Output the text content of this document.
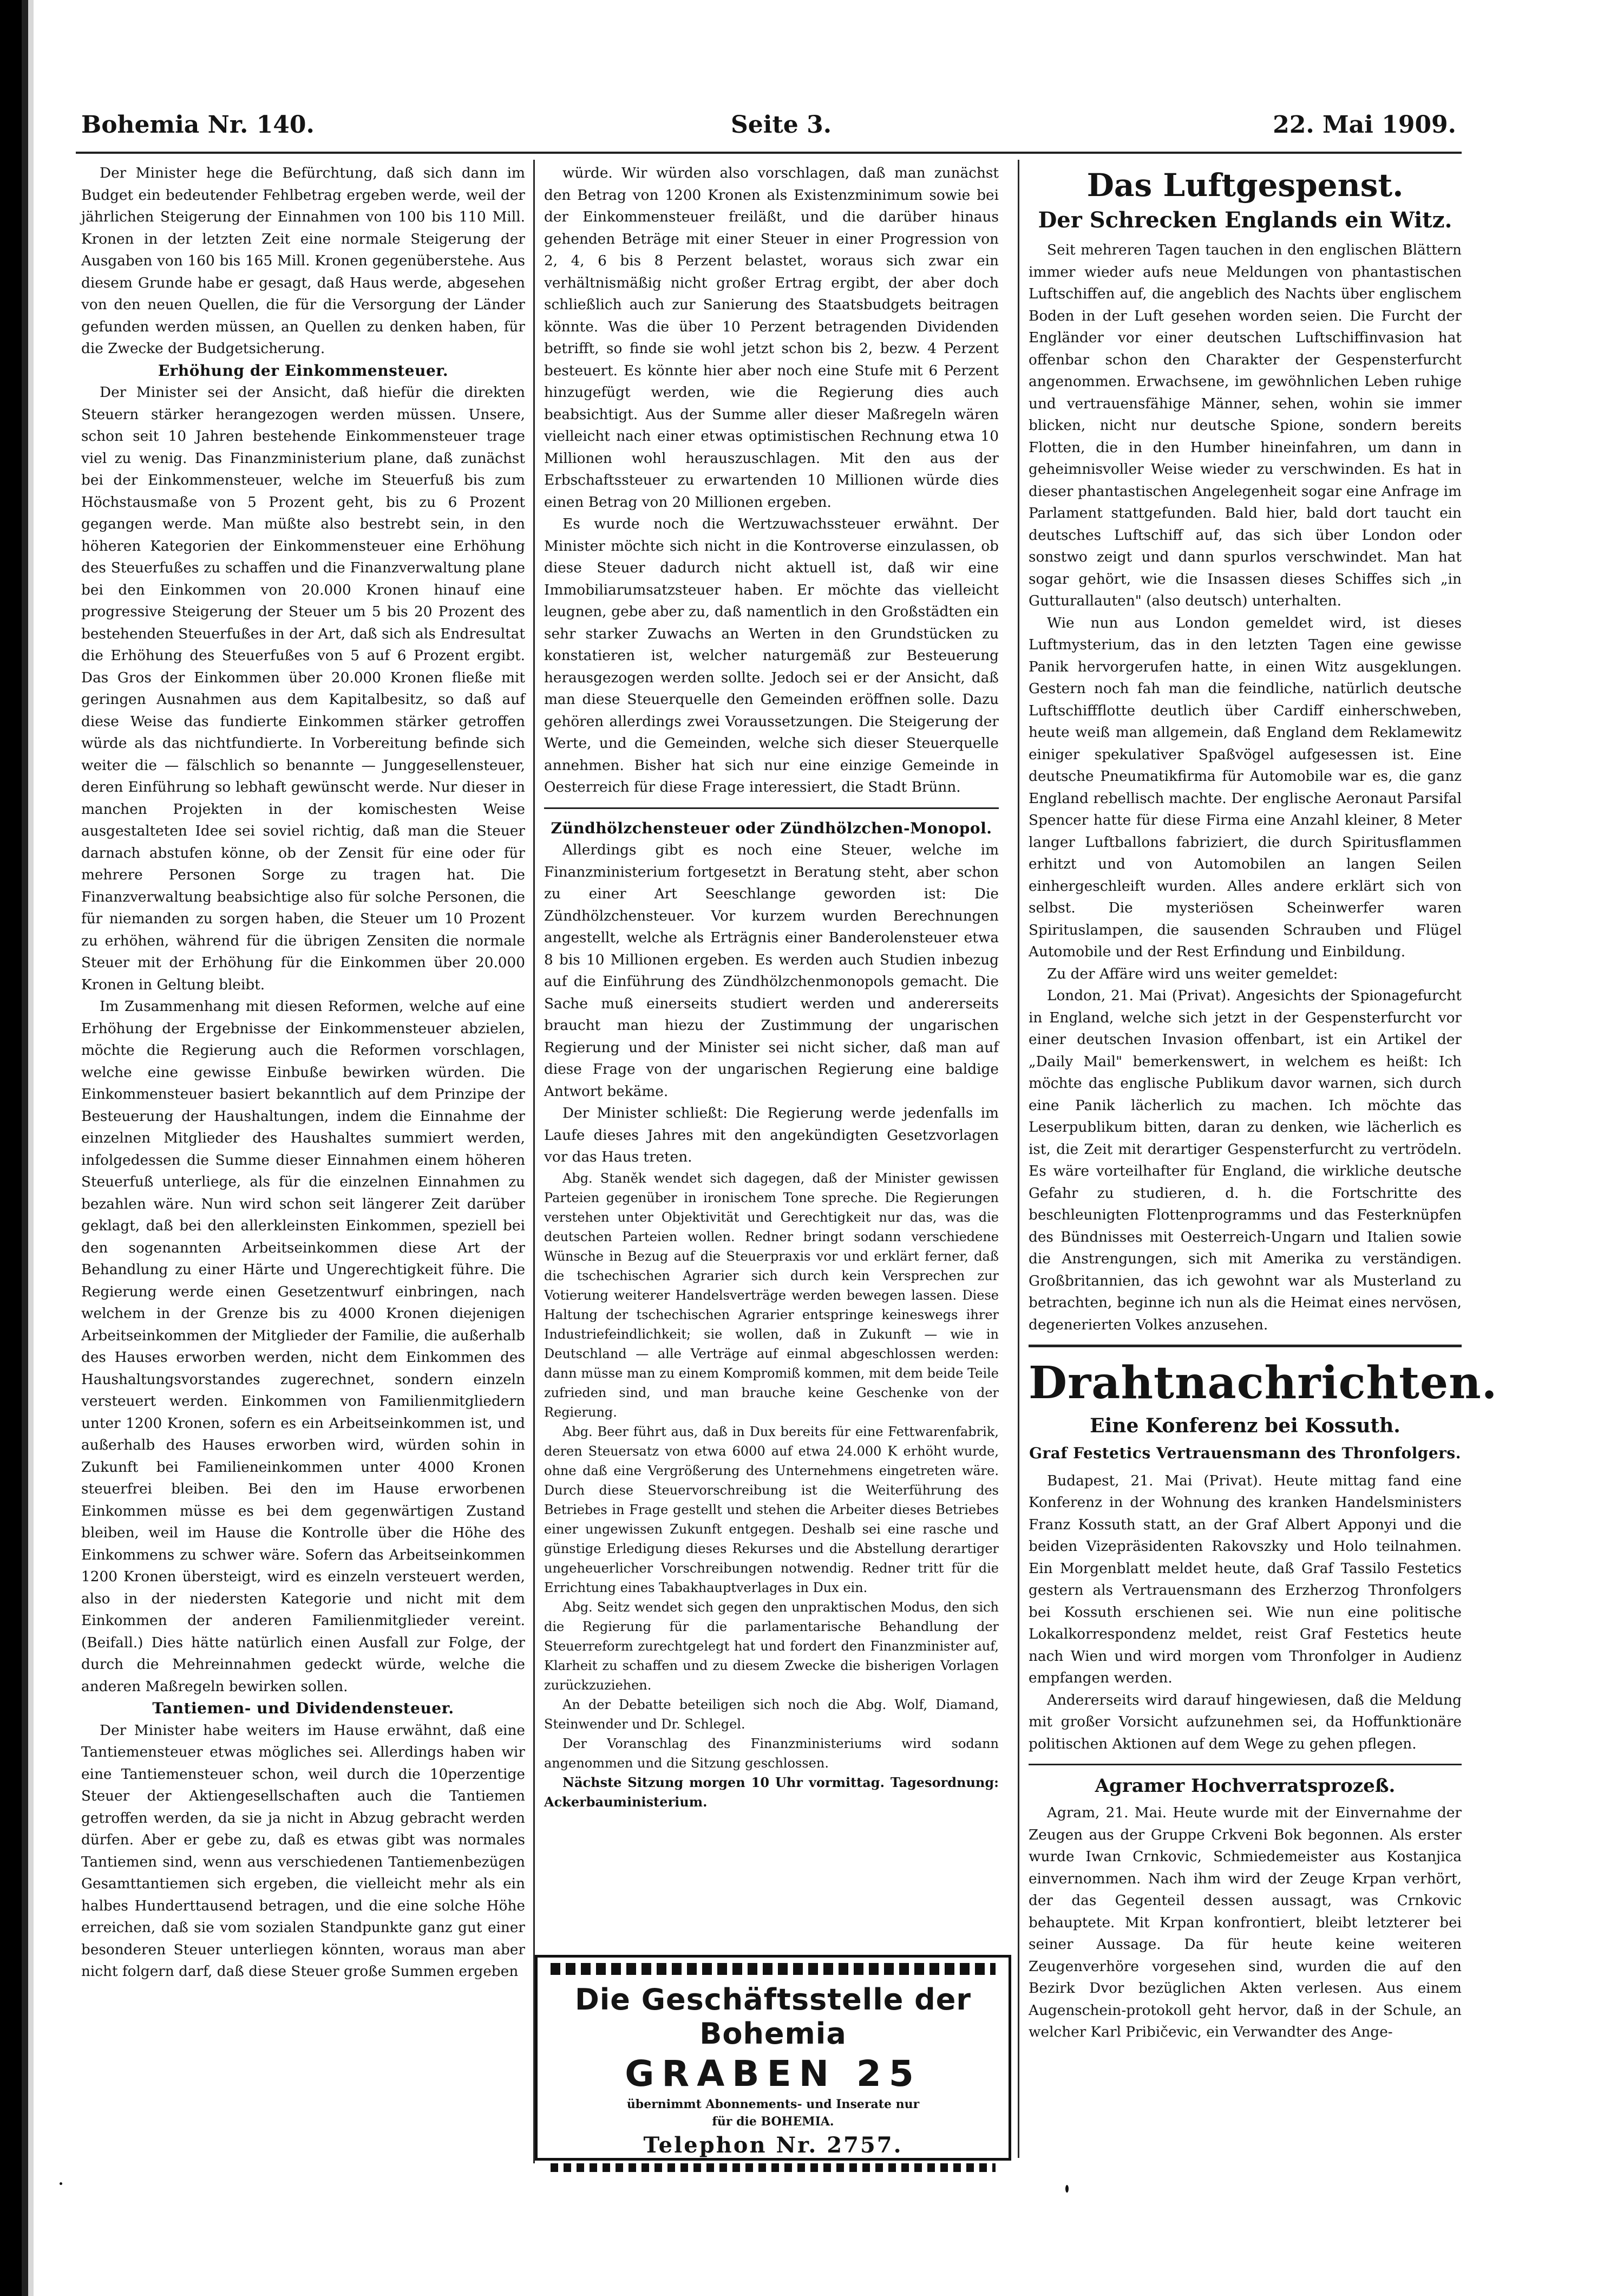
Bohemia Nr. 140.	Seite 3.	22. Mai 1909.

Der Minister hege die Befürchtung, daß sich dann im Budget ein bedeutender Fehlbetrag ergeben werde, weil der jährlichen Steigerung der Einnahmen von 100 bis 110 Mill. Kronen in der letzten Zeit eine normale Steigerung der Ausgaben von 160 bis 165 Mill. Kronen gegenüberstehe. Aus diesem Grunde habe er gesagt, daß Haus werde, abgesehen von den neuen Quellen, die für die Versorgung der Länder gefunden werden müssen, an Quellen zu denken haben, für die Zwecke der Budgetsicherung.

Erhöhung der Einkommensteuer.

Der Minister sei der Ansicht, daß hiefür die direkten Steuern stärker herangezogen werden müssen. Unsere, schon seit 10 Jahren bestehende Einkommensteuer trage viel zu wenig. Das Finanzministerium plane, daß zunächst bei der Einkommensteuer, welche im Steuerfuß bis zum Höchstausmaße von 5 Prozent geht, bis zu 6 Prozent gegangen werde. Man müßte also bestrebt sein, in den höheren Kategorien der Einkommensteuer eine Erhöhung des Steuerfußes zu schaffen und die Finanzverwaltung plane bei den Einkommen von 20.000 Kronen hinauf eine progressive Steigerung der Steuer um 5 bis 20 Prozent des bestehenden Steuerfußes in der Art, daß sich als Endresultat die Erhöhung des Steuerfußes von 5 auf 6 Prozent ergibt. Das Gros der Einkommen über 20.000 Kronen fließe mit geringen Ausnahmen aus dem Kapitalbesitz, so daß auf diese Weise das fundierte Einkommen stärker getroffen würde als das nichtfundierte. In Vorbereitung befinde sich weiter die — fälschlich so benannte — Junggesellensteuer, deren Einführung so lebhaft gewünscht werde. Nur dieser in manchen Projekten in der komischesten Weise ausgestalteten Idee sei soviel richtig, daß man die Steuer darnach abstufen könne, ob der Zensit für eine oder für mehrere Personen Sorge zu tragen hat. Die Finanzverwaltung beabsichtige also für solche Personen, die für niemanden zu sorgen haben, die Steuer um 10 Prozent zu erhöhen, während für die übrigen Zensiten die normale Steuer mit der Erhöhung für die Einkommen über 20.000 Kronen in Geltung bleibt.

Im Zusammenhang mit diesen Reformen, welche auf eine Erhöhung der Ergebnisse der Einkommensteuer abzielen, möchte die Regierung auch die Reformen vorschlagen, welche eine gewisse Einbuße bewirken würden. Die Einkommensteuer basiert bekanntlich auf dem Prinzipe der Besteuerung der Haushaltungen, indem die Einnahme der einzelnen Mitglieder des Haushaltes summiert werden, infolgedessen die Summe dieser Einnahmen einem höheren Steuerfuß unterliege, als für die einzelnen Einnahmen zu bezahlen wäre. Nun wird schon seit längerer Zeit darüber geklagt, daß bei den allerkleinsten Einkommen, speziell bei den sogenannten Arbeitseinkommen diese Art der Behandlung zu einer Härte und Ungerechtigkeit führe. Die Regierung werde einen Gesetzentwurf einbringen, nach welchem in der Grenze bis zu 4000 Kronen diejenigen Arbeitseinkommen der Mitglieder der Familie, die außerhalb des Hauses erworben werden, nicht dem Einkommen des Haushaltungsvorstandes zugerechnet, sondern einzeln versteuert werden. Einkommen von Familienmitgliedern unter 1200 Kronen, sofern es ein Arbeitseinkommen ist, und außerhalb des Hauses erworben wird, würden sohin in Zukunft bei Familieneinkommen unter 4000 Kronen steuerfrei bleiben. Bei den im Hause erworbenen Einkommen müsse es bei dem gegenwärtigen Zustand bleiben, weil im Hause die Kontrolle über die Höhe des Einkommens zu schwer wäre. Sofern das Arbeitseinkommen 1200 Kronen übersteigt, wird es einzeln versteuert werden, also in der niedersten Kategorie und nicht mit dem Einkommen der anderen Familienmitglieder vereint. (Beifall.) Dies hätte natürlich einen Ausfall zur Folge, der durch die Mehreinnahmen gedeckt würde, welche die anderen Maßregeln bewirken sollen.

Tantiemen- und Dividendensteuer.

Der Minister habe weiters im Hause erwähnt, daß eine Tantiemensteuer etwas mögliches sei. Allerdings haben wir eine Tantiemensteuer schon, weil durch die 10perzentige Steuer der Aktiengesellschaften auch die Tantiemen getroffen werden, da sie ja nicht in Abzug gebracht werden dürfen. Aber er gebe zu, daß es etwas gibt was normales Tantiemen sind, wenn aus verschiedenen Tantiemenbezügen Gesamttantiemen sich ergeben, die vielleicht mehr als ein halbes Hunderttausend betragen, und die eine solche Höhe erreichen, daß sie vom sozialen Standpunkte ganz gut einer besonderen Steuer unterliegen könnten, woraus man aber nicht folgern darf, daß diese Steuer große Summen ergeben

würde. Wir würden also vorschlagen, daß man zunächst den Betrag von 1200 Kronen als Existenzminimum sowie bei der Einkommensteuer freiläßt, und die darüber hinaus gehenden Beträge mit einer Steuer in einer Progression von 2, 4, 6 bis 8 Perzent belastet, woraus sich zwar ein verhältnismäßig nicht großer Ertrag ergibt, der aber doch schließlich auch zur Sanierung des Staatsbudgets beitragen könnte. Was die über 10 Perzent betragenden Dividenden betrifft, so finde sie wohl jetzt schon bis 2, bezw. 4 Perzent besteuert. Es könnte hier aber noch eine Stufe mit 6 Perzent hinzugefügt werden, wie die Regierung dies auch beabsichtigt. Aus der Summe aller dieser Maßregeln wären vielleicht nach einer etwas optimistischen Rechnung etwa 10 Millionen wohl herauszuschlagen. Mit den aus der Erbschaftssteuer zu erwartenden 10 Millionen würde dies einen Betrag von 20 Millionen ergeben.

Es wurde noch die Wertzuwachssteuer erwähnt. Der Minister möchte sich nicht in die Kontroverse einzulassen, ob diese Steuer dadurch nicht aktuell ist, daß wir eine Immobiliarumsatzsteuer haben. Er möchte das vielleicht leugnen, gebe aber zu, daß namentlich in den Großstädten ein sehr starker Zuwachs an Werten in den Grundstücken zu konstatieren ist, welcher naturgemäß zur Besteuerung herausgezogen werden sollte. Jedoch sei er der Ansicht, daß man diese Steuerquelle den Gemeinden eröffnen solle. Dazu gehören allerdings zwei Voraussetzungen. Die Steigerung der Werte, und die Gemeinden, welche sich dieser Steuerquelle annehmen. Bisher hat sich nur eine einzige Gemeinde in Oesterreich für diese Frage interessiert, die Stadt Brünn.

Zündhölzchensteuer oder Zündhölzchen-Monopol.

Allerdings gibt es noch eine Steuer, welche im Finanzministerium fortgesetzt in Beratung steht, aber schon zu einer Art Seeschlange geworden ist: Die Zündhölzchensteuer. Vor kurzem wurden Berechnungen angestellt, welche als Erträgnis einer Banderolensteuer etwa 8 bis 10 Millionen ergeben. Es werden auch Studien inbezug auf die Einführung des Zündhölzchenmonopols gemacht. Die Sache muß einerseits studiert werden und andererseits braucht man hiezu der Zustimmung der ungarischen Regierung und der Minister sei nicht sicher, daß man auf diese Frage von der ungarischen Regierung eine baldige Antwort bekäme.

Der Minister schließt: Die Regierung werde jedenfalls im Laufe dieses Jahres mit den angekündigten Gesetzvorlagen vor das Haus treten.

Abg. Staněk wendet sich dagegen, daß der Minister gewissen Parteien gegenüber in ironischem Tone spreche. Die Regierungen verstehen unter Objektivität und Gerechtigkeit nur das, was die deutschen Parteien wollen. Redner bringt sodann verschiedene Wünsche in Bezug auf die Steuerpraxis vor und erklärt ferner, daß die tschechischen Agrarier sich durch kein Versprechen zur Votierung weiterer Handelsverträge werden bewegen lassen. Diese Haltung der tschechischen Agrarier entspringe keineswegs ihrer Industriefeindlichkeit; sie wollen, daß in Zukunft — wie in Deutschland — alle Verträge auf einmal abgeschlossen werden: dann müsse man zu einem Kompromiß kommen, mit dem beide Teile zufrieden sind, und man brauche keine Geschenke von der Regierung.

Abg. Beer führt aus, daß in Dux bereits für eine Fettwarenfabrik, deren Steuersatz von etwa 6000 auf etwa 24.000 K erhöht wurde, ohne daß eine Vergrößerung des Unternehmens eingetreten wäre. Durch diese Steuervorschreibung ist die Weiterführung des Betriebes in Frage gestellt und stehen die Arbeiter dieses Betriebes einer ungewissen Zukunft entgegen. Deshalb sei eine rasche und günstige Erledigung dieses Rekurses und die Abstellung derartiger ungeheuerlicher Vorschreibungen notwendig. Redner tritt für die Errichtung eines Tabakhauptverlages in Dux ein.

Abg. Seitz wendet sich gegen den unpraktischen Modus, den sich die Regierung für die parlamentarische Behandlung der Steuerreform zurechtgelegt hat und fordert den Finanzminister auf, Klarheit zu schaffen und zu diesem Zwecke die bisherigen Vorlagen zurückzuziehen.

An der Debatte beteiligen sich noch die Abg. Wolf, Diamand, Steinwender und Dr. Schlegel.

Der Voranschlag des Finanzministeriums wird sodann angenommen und die Sitzung geschlossen.

Nächste Sitzung morgen 10 Uhr vormittag. Tagesordnung: Ackerbauministerium.

Die Geschäftsstelle der Bohemia
GRABEN 25
übernimmt Abonnements- und Inserate nur
für die BOHEMIA.
Telephon Nr. 2757.
Das Luftgespenst.
Der Schrecken Englands ein Witz.

Seit mehreren Tagen tauchen in den englischen Blättern immer wieder aufs neue Meldungen von phantastischen Luftschiffen auf, die angeblich des Nachts über englischem Boden in der Luft gesehen worden seien. Die Furcht der Engländer vor einer deutschen Luftschiffinvasion hat offenbar schon den Charakter der Gespensterfurcht angenommen. Erwachsene, im gewöhnlichen Leben ruhige und vertrauensfähige Männer, sehen, wohin sie immer blicken, nicht nur deutsche Spione, sondern bereits Flotten, die in den Humber hineinfahren, um dann in geheimnisvoller Weise wieder zu verschwinden. Es hat in dieser phantastischen Angelegenheit sogar eine Anfrage im Parlament stattgefunden. Bald hier, bald dort taucht ein deutsches Luftschiff auf, das sich über London oder sonstwo zeigt und dann spurlos verschwindet. Man hat sogar gehört, wie die Insassen dieses Schiffes sich „in Gutturallauten" (also deutsch) unterhalten.

Wie nun aus London gemeldet wird, ist dieses Luftmysterium, das in den letzten Tagen eine gewisse Panik hervorgerufen hatte, in einen Witz ausgeklungen. Gestern noch fah man die feindliche, natürlich deutsche Luftschiffflotte deutlich über Cardiff einherschweben, heute weiß man allgemein, daß England dem Reklamewitz einiger spekulativer Spaßvögel aufgesessen ist. Eine deutsche Pneumatikfirma für Automobile war es, die ganz England rebellisch machte. Der englische Aeronaut Parsifal Spencer hatte für diese Firma eine Anzahl kleiner, 8 Meter langer Luftballons fabriziert, die durch Spiritusflammen erhitzt und von Automobilen an langen Seilen einhergeschleift wurden. Alles andere erklärt sich von selbst. Die mysteriösen Scheinwerfer waren Spirituslampen, die sausenden Schrauben und Flügel Automobile und der Rest Erfindung und Einbildung.

Zu der Affäre wird uns weiter gemeldet:

London, 21. Mai (Privat). Angesichts der Spionagefurcht in England, welche sich jetzt in der Gespensterfurcht vor einer deutschen Invasion offenbart, ist ein Artikel der „Daily Mail" bemerkenswert, in welchem es heißt: Ich möchte das englische Publikum davor warnen, sich durch eine Panik lächerlich zu machen. Ich möchte das Leserpublikum bitten, daran zu denken, wie lächerlich es ist, die Zeit mit derartiger Gespensterfurcht zu vertrödeln. Es wäre vorteilhafter für England, die wirkliche deutsche Gefahr zu studieren, d. h. die Fortschritte des beschleunigten Flottenprogramms und das Festerknüpfen des Bündnisses mit Oesterreich-Ungarn und Italien sowie die Anstrengungen, sich mit Amerika zu verständigen. Großbritannien, das ich gewohnt war als Musterland zu betrachten, beginne ich nun als die Heimat eines nervösen, degenerierten Volkes anzusehen.

Drahtnachrichten.
Eine Konferenz bei Kossuth.
Graf Festetics Vertrauensmann des Thronfolgers.

Budapest, 21. Mai (Privat). Heute mittag fand eine Konferenz in der Wohnung des kranken Handelsministers Franz Kossuth statt, an der Graf Albert Apponyi und die beiden Vizepräsidenten Rakovszky und Holo teilnahmen. Ein Morgenblatt meldet heute, daß Graf Tassilo Festetics gestern als Vertrauensmann des Erzherzog Thronfolgers bei Kossuth erschienen sei. Wie nun eine politische Lokalkorrespondenz meldet, reist Graf Festetics heute nach Wien und wird morgen vom Thronfolger in Audienz empfangen werden.

Andererseits wird darauf hingewiesen, daß die Meldung mit großer Vorsicht aufzunehmen sei, da Hoffunktionäre politischen Aktionen auf dem Wege zu gehen pflegen.

Agramer Hochverratsprozeß.

Agram, 21. Mai. Heute wurde mit der Einvernahme der Zeugen aus der Gruppe Crkveni Bok begonnen. Als erster wurde Iwan Crnkovic, Schmiedemeister aus Kostanjica einvernommen. Nach ihm wird der Zeuge Krpan verhört, der das Gegenteil dessen aussagt, was Crnkovic behauptete. Mit Krpan konfrontiert, bleibt letzterer bei seiner Aussage. Da für heute keine weiteren Zeugenverhöre vorgesehen sind, wurden die auf den Bezirk Dvor bezüglichen Akten verlesen. Aus einem Augenschein-protokoll geht hervor, daß in der Schule, an welcher Karl Pribičevic, ein Verwandter des Ange-
